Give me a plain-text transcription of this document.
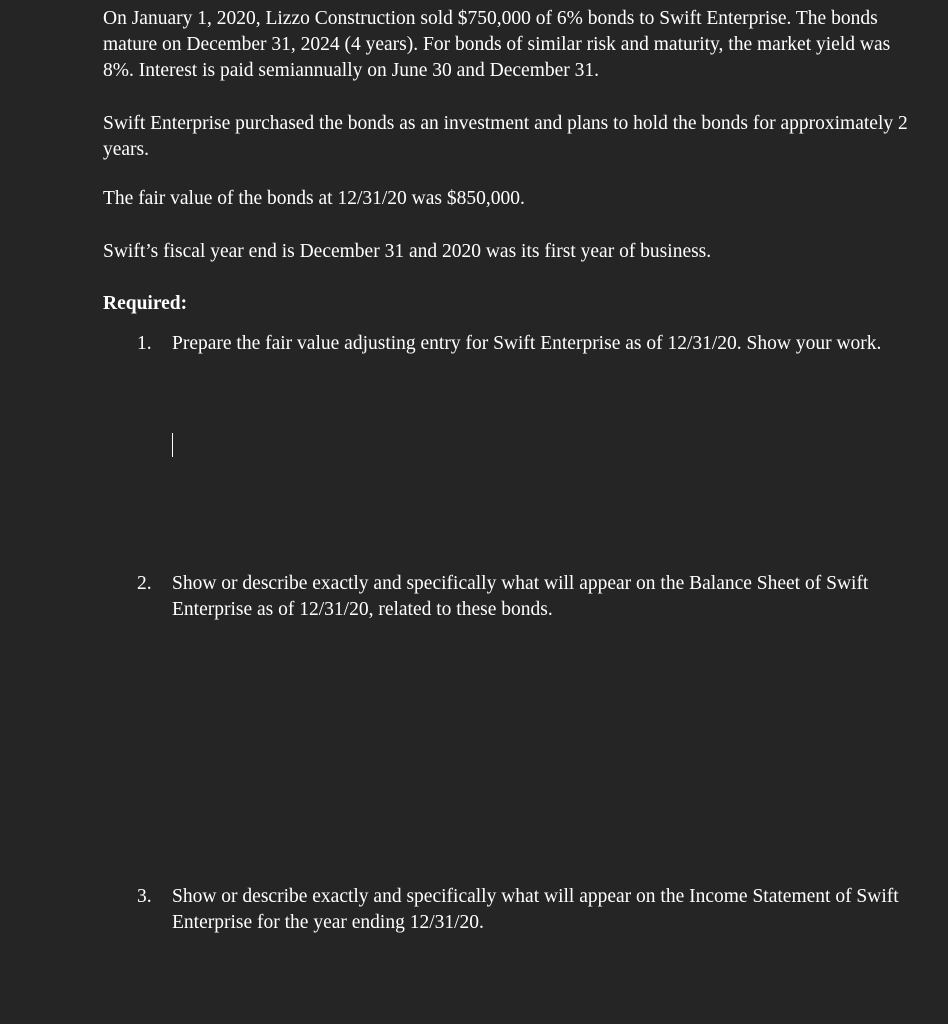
On January 1, 2020, Lizzo Construction sold $750,000 of 6% bonds to Swift Enterprise. The bonds mature on December 31, 2024 (4 years). For bonds of similar risk and maturity, the market yield was 8%. Interest is paid semiannually on June 30 and December 31.

Swift Enterprise purchased the bonds as an investment and plans to hold the bonds for approximately 2 years.

The fair value of the bonds at 12/31/20 was $850,000.

Swift’s fiscal year end is December 31 and 2020 was its first year of business.

Required:

1. Prepare the fair value adjusting entry for Swift Enterprise as of 12/31/20. Show your work.
2. Show or describe exactly and specifically what will appear on the Balance Sheet of Swift Enterprise as of 12/31/20, related to these bonds.
3. Show or describe exactly and specifically what will appear on the Income Statement of Swift Enterprise for the year ending 12/31/20.
